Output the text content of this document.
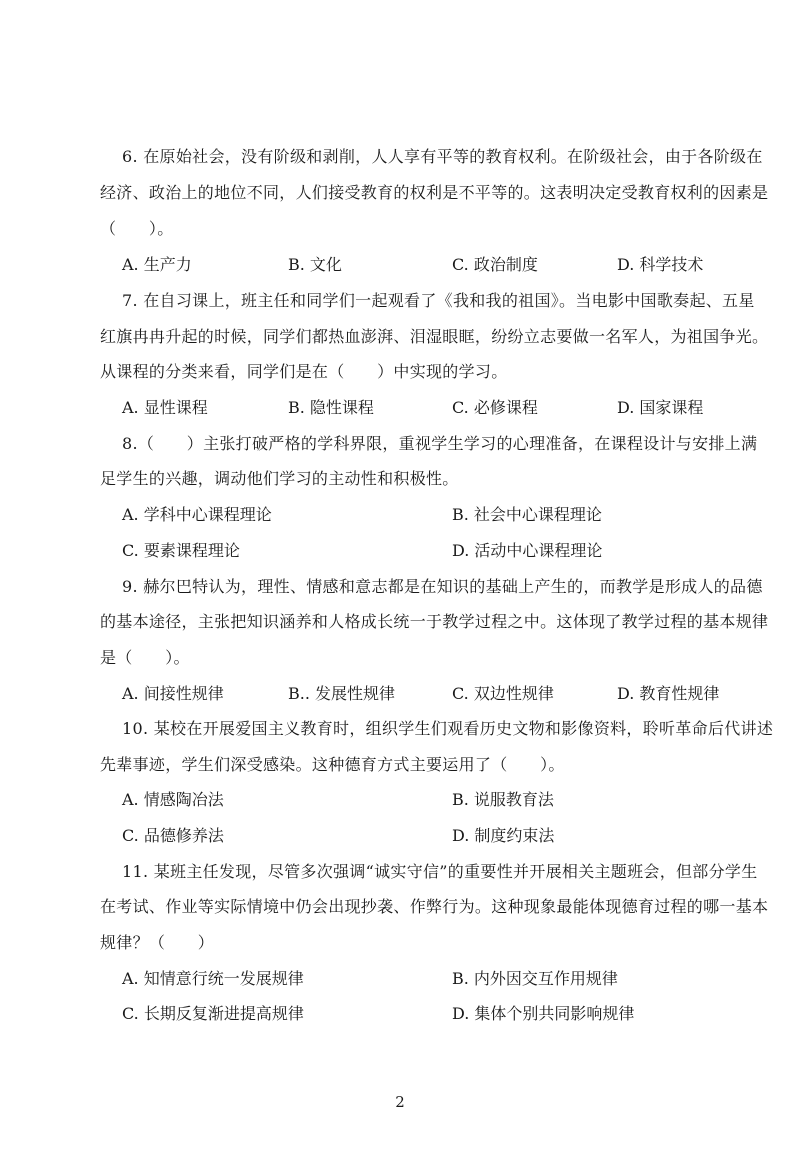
6. 在原始社会，没有阶级和剥削，人人享有平等的教育权利。在阶级社会，由于各阶级在
经济、政治上的地位不同，人们接受教育的权利是不平等的。这表明决定受教育权利的因素是
（　　）。
A. 生产力	B. 文化	C. 政治制度	D. 科学技术
7. 在自习课上，班主任和同学们一起观看了《我和我的祖国》。当电影中国歌奏起、五星
红旗冉冉升起的时候，同学们都热血澎湃、泪湿眼眶，纷纷立志要做一名军人，为祖国争光。
从课程的分类来看，同学们是在（　　）中实现的学习。
A. 显性课程	B. 隐性课程	C. 必修课程	D. 国家课程
8.（　　）主张打破严格的学科界限，重视学生学习的心理准备，在课程设计与安排上满
足学生的兴趣，调动他们学习的主动性和积极性。
A. 学科中心课程理论	B. 社会中心课程理论
C. 要素课程理论	D. 活动中心课程理论
9. 赫尔巴特认为，理性、情感和意志都是在知识的基础上产生的，而教学是形成人的品德
的基本途径，主张把知识涵养和人格成长统一于教学过程之中。这体现了教学过程的基本规律
是（　　）。
A. 间接性规律	B.. 发展性规律	C. 双边性规律	D. 教育性规律
10. 某校在开展爱国主义教育时，组织学生们观看历史文物和影像资料，聆听革命后代讲述
先辈事迹，学生们深受感染。这种德育方式主要运用了（　　）。
A. 情感陶冶法	B. 说服教育法
C. 品德修养法	D. 制度约束法
11. 某班主任发现，尽管多次强调“诚实守信”的重要性并开展相关主题班会，但部分学生
在考试、作业等实际情境中仍会出现抄袭、作弊行为。这种现象最能体现德育过程的哪一基本
规律？（　　）
A. 知情意行统一发展规律	B. 内外因交互作用规律
C. 长期反复渐进提高规律	D. 集体个别共同影响规律
2
